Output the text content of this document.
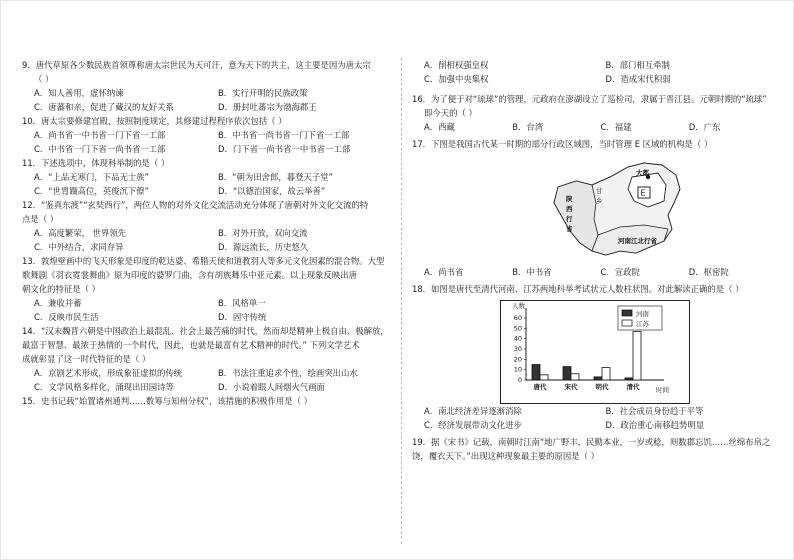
9．唐代草原各少数民族首领尊称唐太宗世民为天可汗，意为天下的共主，这主要是因为唐太宗

（ ）

A．知人善用，虚怀纳谏	B．实行开明的民族政策
C．唐蕃和亲，促进了藏汉的友好关系	D．册封吐蕃宗为渤海郡王

10．唐太宗要修建宫殿，按照制度规定，其修建过程程序依次包括（ ）

A．尚书省一中书省一门下省一工部	B．中书省一尚书省一门下省一工部
C．中书省一门下省一尚书省一工部	D．门下省一尚书省一中书省一工部

11．下述选项中，体现科举制的是（ ）

A．“上品无寒门，下品无士族”	B．“朝为田舍郎，暮登天子堂”
C．“世胄蹑高位，英俊沉下僚”	D．“以德治国家，故云举善”

12．“鉴真东渡”“玄奘西行”，两位人物的对外文化交流活动充分体现了唐朝对外文化交流的特

点是（ ）

A．高度繁荣， 世界领先	B．对外开放，双向交流
C．中外结合，求同存异	D．源远流长，历史悠久

13．敦煌壁画中的飞天形象是印度的乾达婆、希腊天使和道教羽人等多元文化因素的混合物。大型

歌舞剧《羽衣霓裳舞曲》原为印度的婆罗门曲，含有胡族舞乐中亚元素。以上现象反映出唐

朝文化的特征是（ ）

A．兼收并蓄	B．风格单一
C．反映市民生活	D．固守传统

14．“汉末魏晋六朝是中国政治上最混乱、社会上最苦痛的时代，然而却是精神上极自由、极解放，

最富于智慧、最浓于热情的一个时代，因此，也就是最富有艺术精神的时代。” 下列文学艺术

成就彰显了这一时代特征的是（ ）

A．京剧艺术形成，形成象征虚拟的传统	B．书法注重追求个性，绘画突出山水
C．文学风格多样化，涌现出田园诗等	D．小说着眼人间烟火气画面

15．史书记载“始置诸州通判……数筹与知州分权”，该措施的积极作用是（ ）

A．削相权强皇权	B．部门相互牵制
C．加强中央集权	D．造成宋代积弱

16．为了便于对“琉球”的管理，元政府在澎湖设立了巡检司，隶属于晋江县。元朝时期的“琉球”

即今天的（ ）

A．西藏	B．台湾	C．福建	D．广东

17．下图是我国古代某一时期的部分行政区域图，当时管理 E 区域的机构是（ ）

E
大都
甘
乡
陕
西
行
省
河南江北行省
A．尚书省	B．中书省	C．宣政院	D．枢密院

18．如图是唐代至清代河南、江苏两地科举考试状元人数柱状图。对此解读正确的是（ ）

人数
时间
0
10
20
30
40
50
60
唐代	宋代	明代	清代
河南
江苏
A．南北经济差异逐渐消除	B．社会成员身份趋于平等
C．经济发展带动文化进步	D．政治重心南移趋势明显

19．据《宋书》记载，南朝时江南“地广野丰，民勤本业，一岁或稔，则数郡忘饥……丝绵布帛之

饶，覆衣天下。”出现这种现象最主要的原因是（ ）
